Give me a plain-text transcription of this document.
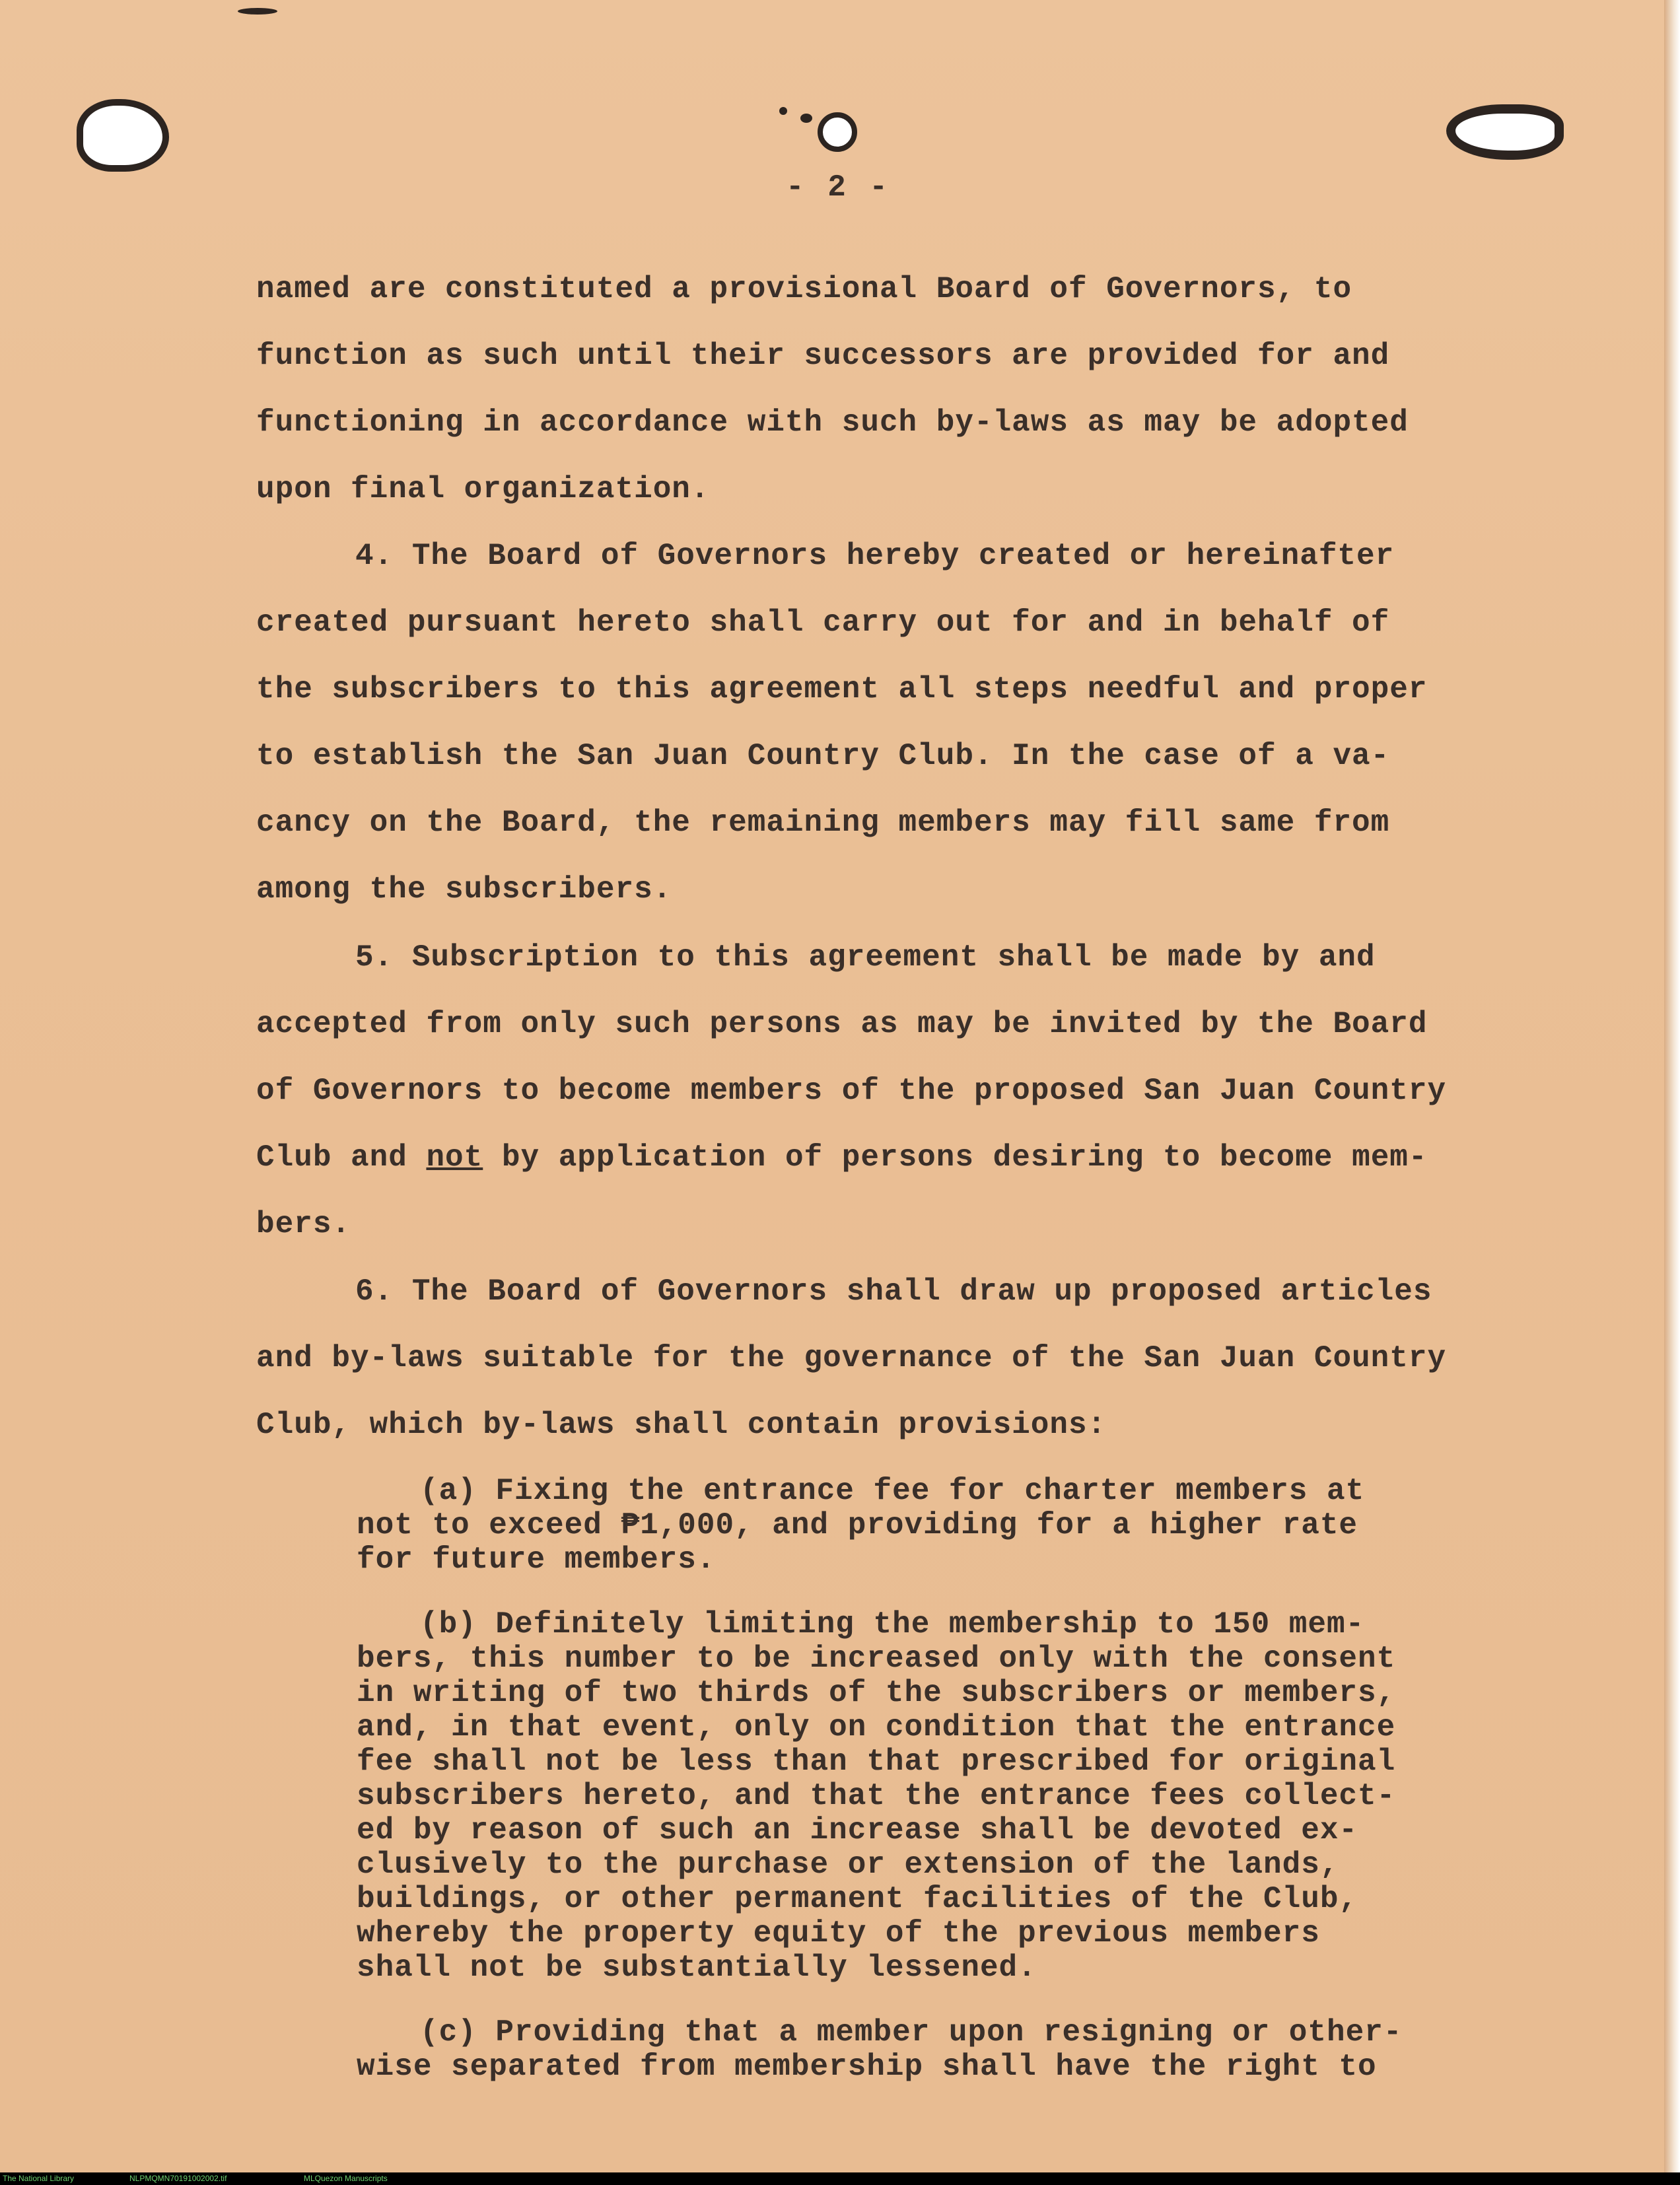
- 2 -
named are constituted a provisional Board of Governors, to
function as such until their successors are provided for and
functioning in accordance with such by-laws as may be adopted
upon final organization.
4. The Board of Governors hereby created or hereinafter
created pursuant hereto shall carry out for and in behalf of
the subscribers to this agreement all steps needful and proper
to establish the San Juan Country Club. In the case of a va-
cancy on the Board, the remaining members may fill same from
among the subscribers.
5. Subscription to this agreement shall be made by and
accepted from only such persons as may be invited by the Board
of Governors to become members of the proposed San Juan Country
Club and not by application of persons desiring to become mem-
bers.
6. The Board of Governors shall draw up proposed articles
and by-laws suitable for the governance of the San Juan Country
Club, which by-laws shall contain provisions:
(a) Fixing the entrance fee for charter members at
not to exceed ₱1,000, and providing for a higher rate
for future members.
(b) Definitely limiting the membership to 150 mem-
bers, this number to be increased only with the consent
in writing of two thirds of the subscribers or members,
and, in that event, only on condition that the entrance
fee shall not be less than that prescribed for original
subscribers hereto, and that the entrance fees collect-
ed by reason of such an increase shall be devoted ex-
clusively to the purchase or extension of the lands,
buildings, or other permanent facilities of the Club,
whereby the property equity of the previous members
shall not be substantially lessened.
(c) Providing that a member upon resigning or other-
wise separated from membership shall have the right to
The National Library	NLPMQMN70191002002.tif	MLQuezon Manuscripts
